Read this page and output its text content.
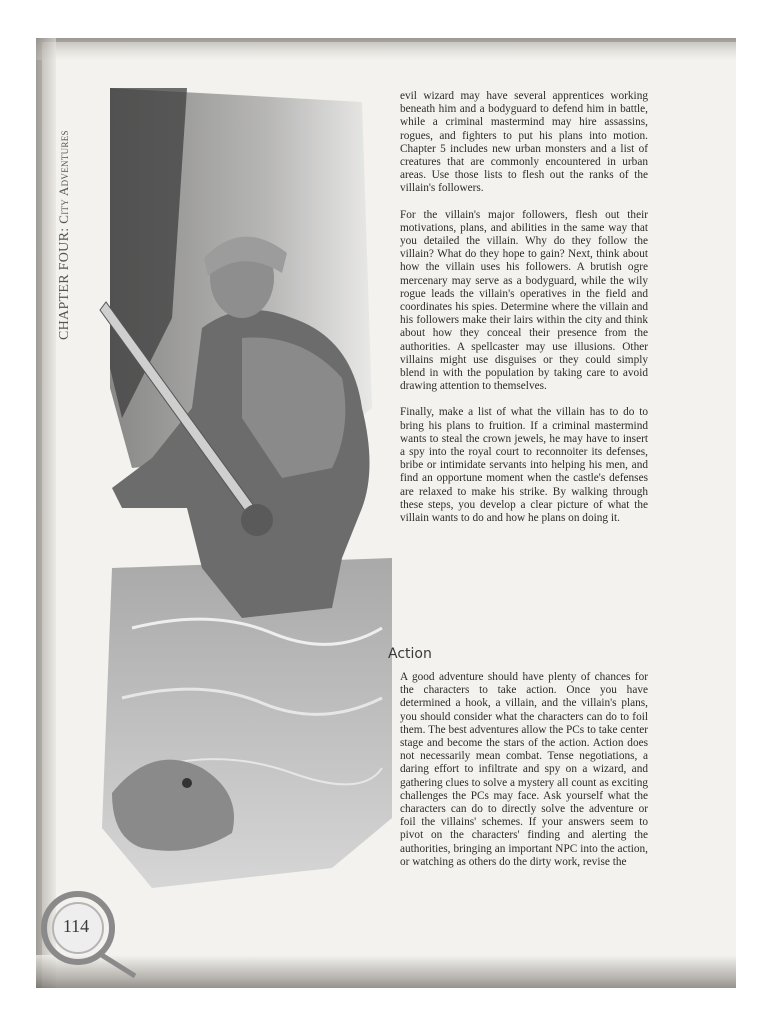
CHAPTER FOUR: City Adventures

evil wizard may have several apprentices working beneath him and a bodyguard to defend him in battle, while a criminal mastermind may hire assassins, rogues, and fighters to put his plans into motion. Chapter 5 includes new urban monsters and a list of creatures that are commonly encountered in urban areas. Use those lists to flesh out the ranks of the villain's followers.

For the villain's major followers, flesh out their motivations, plans, and abilities in the same way that you detailed the villain. Why do they follow the villain? What do they hope to gain? Next, think about how the villain uses his followers. A brutish ogre mercenary may serve as a bodyguard, while the wily rogue leads the villain's operatives in the field and coordinates his spies. Determine where the villain and his followers make their lairs within the city and think about how they conceal their presence from the authorities. A spellcaster may use illusions. Other villains might use disguises or they could simply blend in with the population by taking care to avoid drawing attention to themselves.

Finally, make a list of what the villain has to do to bring his plans to fruition. If a criminal mastermind wants to steal the crown jewels, he may have to insert a spy into the royal court to reconnoiter its defenses, bribe or intimidate servants into helping his men, and find an opportune moment when the castle's defenses are relaxed to make his strike. By walking through these steps, you develop a clear picture of what the villain wants to do and how he plans on doing it.

Action

A good adventure should have plenty of chances for the characters to take action. Once you have determined a hook, a villain, and the villain's plans, you should consider what the characters can do to foil them. The best adventures allow the PCs to take center stage and become the stars of the action. Action does not necessarily mean combat. Tense negotiations, a daring effort to infiltrate and spy on a wizard, and gathering clues to solve a mystery all count as exciting challenges the PCs may face. Ask yourself what the characters can do to directly solve the adventure or foil the villains' schemes. If your answers seem to pivot on the characters' finding and alerting the authorities, bringing an important NPC into the action, or watching as others do the dirty work, revise the

114
